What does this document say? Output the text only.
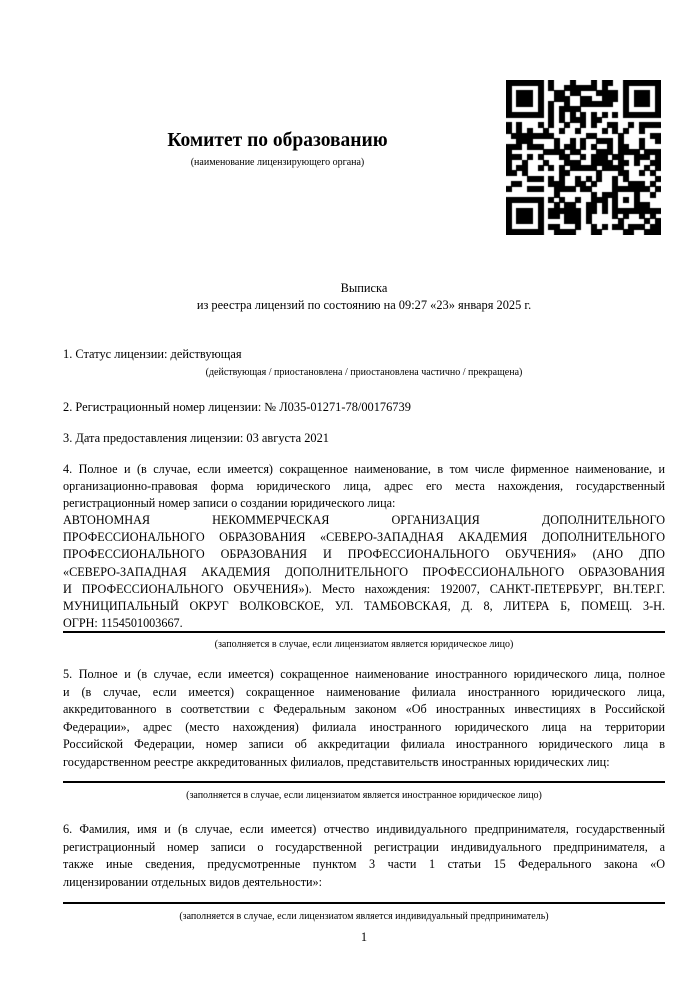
Комитет по образованию
(наименование лицензирующего органа)
Выписка
из реестра лицензий по состоянию на 09:27 «23» января 2025 г.
1. Статус лицензии: действующая
(действующая / приостановлена / приостановлена частично / прекращена)
2. Регистрационный номер лицензии: № Л035-01271-78/00176739
3. Дата предоставления лицензии: 03 августа 2021
4. Полное и (в случае, если имеется) сокращенное наименование, в том числе фирменное наименование, и
организационно-правовая форма юридического лица, адрес его места нахождения, государственный
регистрационный номер записи о создании юридического лица:
АВТОНОМНАЯ НЕКОММЕРЧЕСКАЯ ОРГАНИЗАЦИЯ ДОПОЛНИТЕЛЬНОГО
ПРОФЕССИОНАЛЬНОГО ОБРАЗОВАНИЯ «СЕВЕРО-ЗАПАДНАЯ АКАДЕМИЯ ДОПОЛНИТЕЛЬНОГО
ПРОФЕССИОНАЛЬНОГО ОБРАЗОВАНИЯ И ПРОФЕССИОНАЛЬНОГО ОБУЧЕНИЯ» (АНО ДПО
«СЕВЕРО-ЗАПАДНАЯ АКАДЕМИЯ ДОПОЛНИТЕЛЬНОГО ПРОФЕССИОНАЛЬНОГО ОБРАЗОВАНИЯ
И ПРОФЕССИОНАЛЬНОГО ОБУЧЕНИЯ»). Место нахождения: 192007, САНКТ-ПЕТЕРБУРГ, ВН.ТЕР.Г.
МУНИЦИПАЛЬНЫЙ ОКРУГ ВОЛКОВСКОЕ, УЛ. ТАМБОВСКАЯ, Д. 8, ЛИТЕРА Б, ПОМЕЩ. 3-Н.
ОГРН: 1154501003667.
(заполняется в случае, если лицензиатом является юридическое лицо)
5. Полное и (в случае, если имеется) сокращенное наименование иностранного юридического лица, полное
и (в случае, если имеется) сокращенное наименование филиала иностранного юридического лица,
аккредитованного в соответствии с Федеральным законом «Об иностранных инвестициях в Российской
Федерации», адрес (место нахождения) филиала иностранного юридического лица на территории
Российской Федерации, номер записи об аккредитации филиала иностранного юридического лица в
государственном реестре аккредитованных филиалов, представительств иностранных юридических лиц:
(заполняется в случае, если лицензиатом является иностранное юридическое лицо)
6. Фамилия, имя и (в случае, если имеется) отчество индивидуального предпринимателя, государственный
регистрационный номер записи о государственной регистрации индивидуального предпринимателя, а
также иные сведения, предусмотренные пунктом 3 части 1 статьи 15 Федерального закона «О
лицензировании отдельных видов деятельности»:
(заполняется в случае, если лицензиатом является индивидуальный предприниматель)
1
